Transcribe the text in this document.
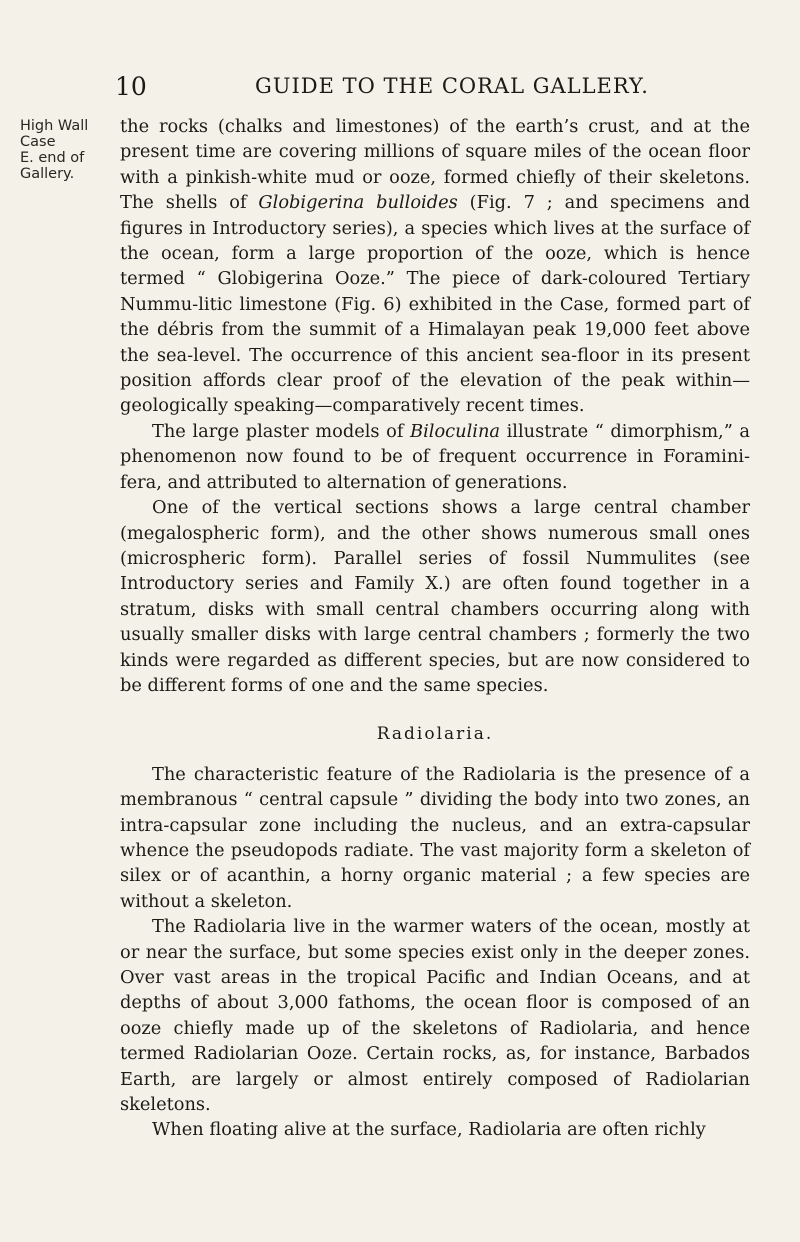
10	GUIDE TO THE CORAL GALLERY.
High Wall
Case
E. end of
Gallery.

the rocks (chalks and limestones) of the earth’s crust, and at the present time are covering millions of square miles of the ocean floor with a pinkish-white mud or ooze, formed chiefly of their skeletons. The shells of Globigerina bulloides (Fig. 7 ; and specimens and figures in Introductory series), a species which lives at the surface of the ocean, form a large proportion of the ooze, which is hence termed “ Globigerina Ooze.” The piece of dark-coloured Tertiary Nummu-litic limestone (Fig. 6) exhibited in the Case, formed part of the débris from the summit of a Himalayan peak 19,000 feet above the sea-level. The occurrence of this ancient sea-floor in its present position affords clear proof of the elevation of the peak within— geologically speaking—comparatively recent times.

The large plaster models of Biloculina illustrate “ dimorphism,” a phenomenon now found to be of frequent occurrence in Foramini-fera, and attributed to alternation of generations.

One of the vertical sections shows a large central chamber (megalospheric form), and the other shows numerous small ones (microspheric form). Parallel series of fossil Nummulites (see Introductory series and Family X.) are often found together in a stratum, disks with small central chambers occurring along with usually smaller disks with large central chambers ; formerly the two kinds were regarded as different species, but are now considered to be different forms of one and the same species.

Radiolaria.

The characteristic feature of the Radiolaria is the presence of a membranous “ central capsule ” dividing the body into two zones, an intra-capsular zone including the nucleus, and an extra-capsular whence the pseudopods radiate. The vast majority form a skeleton of silex or of acanthin, a horny organic material ; a few species are without a skeleton.

The Radiolaria live in the warmer waters of the ocean, mostly at or near the surface, but some species exist only in the deeper zones. Over vast areas in the tropical Pacific and Indian Oceans, and at depths of about 3,000 fathoms, the ocean floor is composed of an ooze chiefly made up of the skeletons of Radiolaria, and hence termed Radiolarian Ooze. Certain rocks, as, for instance, Barbados Earth, are largely or almost entirely composed of Radiolarian skeletons.

When floating alive at the surface, Radiolaria are often richly
